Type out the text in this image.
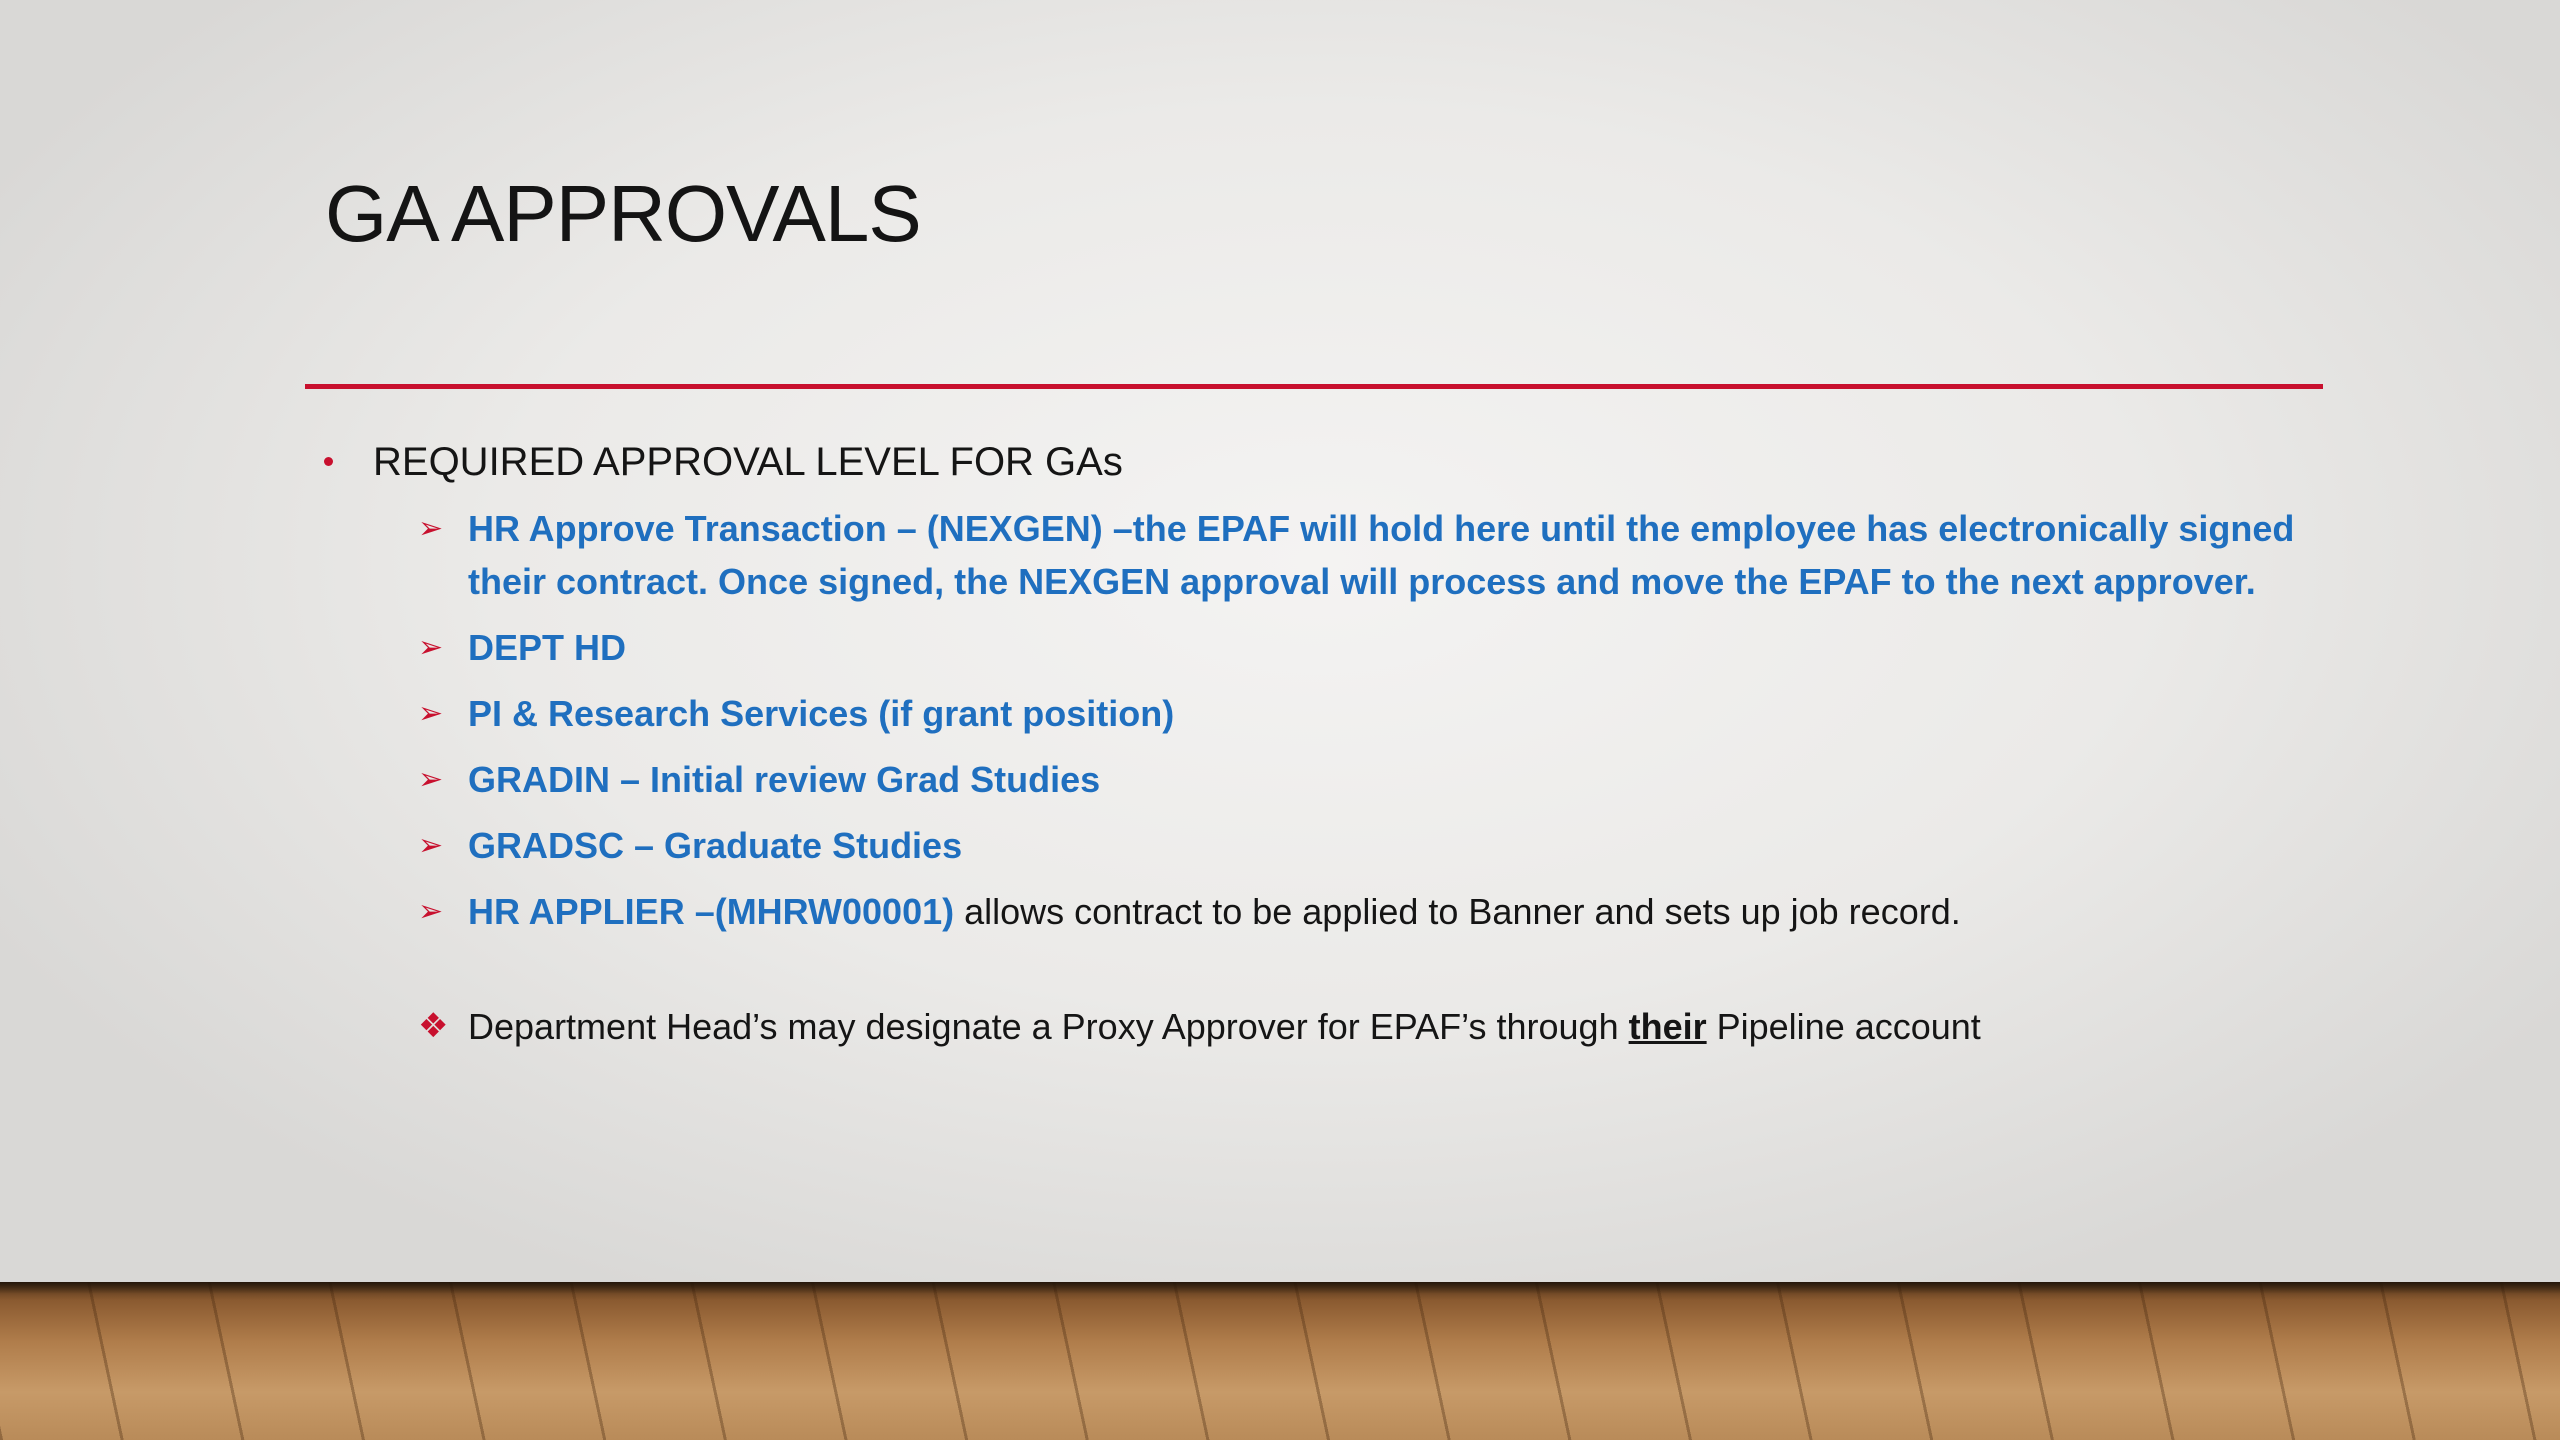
GA APPROVALS
REQUIRED APPROVAL LEVEL FOR GAs
➢ HR Approve Transaction – (NEXGEN) –the EPAF will hold here until the employee has electronically signed their contract. Once signed, the NEXGEN approval will process and move the EPAF to the next approver.
➢ DEPT HD
➢ PI & Research Services (if grant position)
➢ GRADIN – Initial review Grad Studies
➢ GRADSC – Graduate Studies
➢ HR APPLIER –(MHRW00001) allows contract to be applied to Banner and sets up job record.
❖ Department Head’s may designate a Proxy Approver for EPAF’s through their Pipeline account
